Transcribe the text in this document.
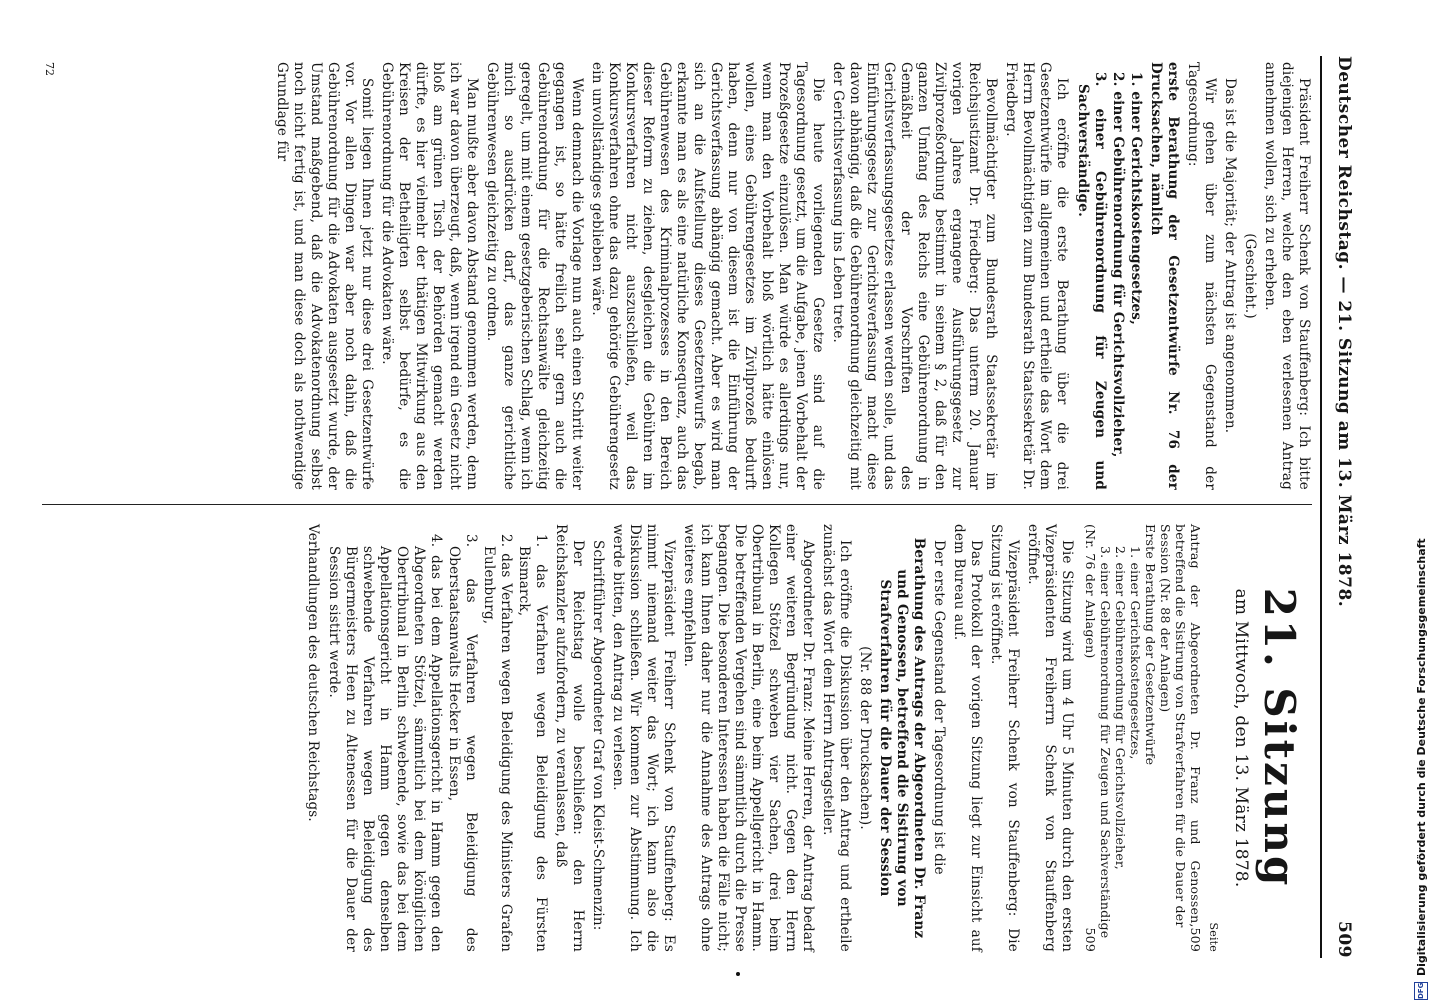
Deutscher Reichstag. — 21. Sitzung am 13. März 1878.
509

Präsident Freiherr Schenk von Stauffenberg: Ich bitte diejenigen Herren, welche den eben verlesenen Antrag annehmen wollen, sich zu erheben.

(Geschieht.)

Das ist die Majorität; der Antrag ist angenommen.

Wir gehen über zum nächsten Gegenstand der Tagesordnung:

erste Berathung der Gesetzentwürfe Nr. 76 der Drucksachen, nämlich

1. einer Gerichtskostengesetzes,
2. einer Gebührenordnung für Gerichtsvollzieher,
3. einer Gebührenordnung für Zeugen und Sachverständige.

Ich eröffne die erste Berathung über die drei Gesetzentwürfe im allgemeinen und ertheile das Wort dem Herrn Bevollmächtigten zum Bundesrath Staatssekretär Dr. Friedberg.

Bevollmächtigter zum Bundesrath Staatssekretär im Reichsjustizamt Dr. Friedberg: Das unterm 20. Januar vorigen Jahres ergangene Ausführungsgesetz zur Zivilprozeßordnung bestimmt in seinem § 2, daß für den ganzen Umfang des Reichs eine Gebührenordnung in Gemäßheit der Vorschriften des Gerichtsverfassungsgesetzes erlassen werden solle, und das Einführungsgesetz zur Gerichtsverfassung macht diese davon abhängig, daß die Gebührenordnung gleichzeitig mit der Gerichtsverfassung ins Leben trete.

Die heute vorliegenden Gesetze sind auf die Tagesordnung gesetzt, um die Aufgabe, jenen Vorbehalt der Prozeßgesetze einzulösen. Man würde es allerdings nur, wenn man den Vorbehalt bloß wörtlich hätte einlösen wollen, eines Gebührengesetzes im Zivilprozeß bedurft haben, denn nur von diesem ist die Einführung der Gerichtsverfassung abhängig gemacht. Aber es wird man sich an die Aufstellung dieses Gesetzentwurfs begab, erkannte man es als eine natürliche Konsequenz, auch das Gebührenwesen des Kriminalprozesses in den Bereich dieser Reform zu ziehen, desgleichen die Gebühren im Konkursverfahren nicht auszuschließen, weil das Konkursverfahren ohne das dazu gehörige Gebührengesetz ein unvollständiges geblieben wäre.

Wenn demnach die Vorlage nun auch einen Schritt weiter gegangen ist, so hätte freilich sehr gern auch die Gebührenordnung für die Rechtsanwälte gleichzeitig geregelt, um mit einem gesetzgeberischen Schlag, wenn ich mich so ausdrücken darf, das ganze gerichtliche Gebührenwesen gleichzeitig zu ordnen.

Man mußte aber davon Abstand genommen werden, denn ich war davon überzeugt, daß, wenn irgend ein Gesetz nicht bloß am grünen Tisch der Behörden gemacht werden dürfte, es hier vielmehr der thätigen Mitwirkung aus den Kreisen der Betheiligten selbst bedürfe, es die Gebührenordnung für die Advokaten wäre.

Somit liegen Ihnen jetzt nur diese drei Gesetzentwürfe vor. Vor allen Dingen war aber noch dahin, daß die Gebührenordnung für die Advokaten ausgesetzt wurde, der Umstand maßgebend, daß die Advokatenordnung selbst noch nicht fertig ist, und man diese doch als nothwendige Grundlage für

72
21. Sitzung
am Mittwoch, den 13. März 1878.
Seite
Antrag der Abgeordneten Dr. Franz und Genossen, betreffend die Sistirung von Strafverfahren für die Dauer der Session (Nr. 88 der Anlagen)
509
Erste Berathung der Gesetzentwürfe
1. einer Gerichtskostengesetzes,
2. einer Gebührenordnung für Gerichtsvollzieher,
3. einer Gebührenordnung für Zeugen und Sachverständige
(Nr. 76 der Anlagen)
509

Die Sitzung wird um 4 Uhr 5 Minuten durch den ersten Vizepräsidenten Freiherrn Schenk von Stauffenberg eröffnet.

Vizepräsident Freiherr Schenk von Stauffenberg: Die Sitzung ist eröffnet.

Das Protokoll der vorigen Sitzung liegt zur Einsicht auf dem Bureau auf.

Der erste Gegenstand der Tagesordnung ist die

Berathung des Antrags der Abgeordneten Dr. Franz und Genossen, betreffend die Sistirung von Strafverfahren für die Dauer der Session

(Nr. 88 der Drucksachen).

Ich eröffne die Diskussion über den Antrag und ertheile zunächst das Wort dem Herrn Antragsteller.

Abgeordneter Dr. Franz: Meine Herren, der Antrag bedarf einer weiteren Begründung nicht. Gegen den Herrn Kollegen Stötzel schweben vier Sachen, drei beim Obertribunal in Berlin, eine beim Appellgericht in Hamm. Die betreffenden Vergehen sind sämmtlich durch die Presse begangen. Die besonderen Interessen haben die Fälle nicht; ich kann Ihnen daher nur die Annahme des Antrags ohne weiteres empfehlen.

Vizepräsident Freiherr Schenk von Stauffenberg: Es nimmt niemand weiter das Wort; ich kann also die Diskussion schließen. Wir kommen zur Abstimmung. Ich werde bitten, den Antrag zu verlesen.

Schriftführer Abgeordneter Graf von Kleist-Schmenzin:

Der Reichstag wolle beschließen: den Herrn Reichskanzler aufzufordern, zu veranlassen, daß

1. das Verfahren wegen Beleidigung des Fürsten Bismarck,
2. das Verfahren wegen Beleidigung des Ministers Grafen Eulenburg,
3. das Verfahren wegen Beleidigung des Oberstaatsanwalts Hecker in Essen,
4. das bei dem Appellationsgericht in Hamm gegen den Abgeordneten Stötzel, sämmtlich bei dem königlichen Obertribunal in Berlin schwebende, sowie das bei dem Appellationsgericht in Hamm gegen denselben schwebende Verfahren wegen Beleidigung des Bürgermeisters Heen zu Altenessen für die Dauer der Session sistirt werde.

Verhandlungen des deutschen Reichstags.

DFG
Digitalisierung gefördert durch die Deutsche Forschungsgemeinschaft
